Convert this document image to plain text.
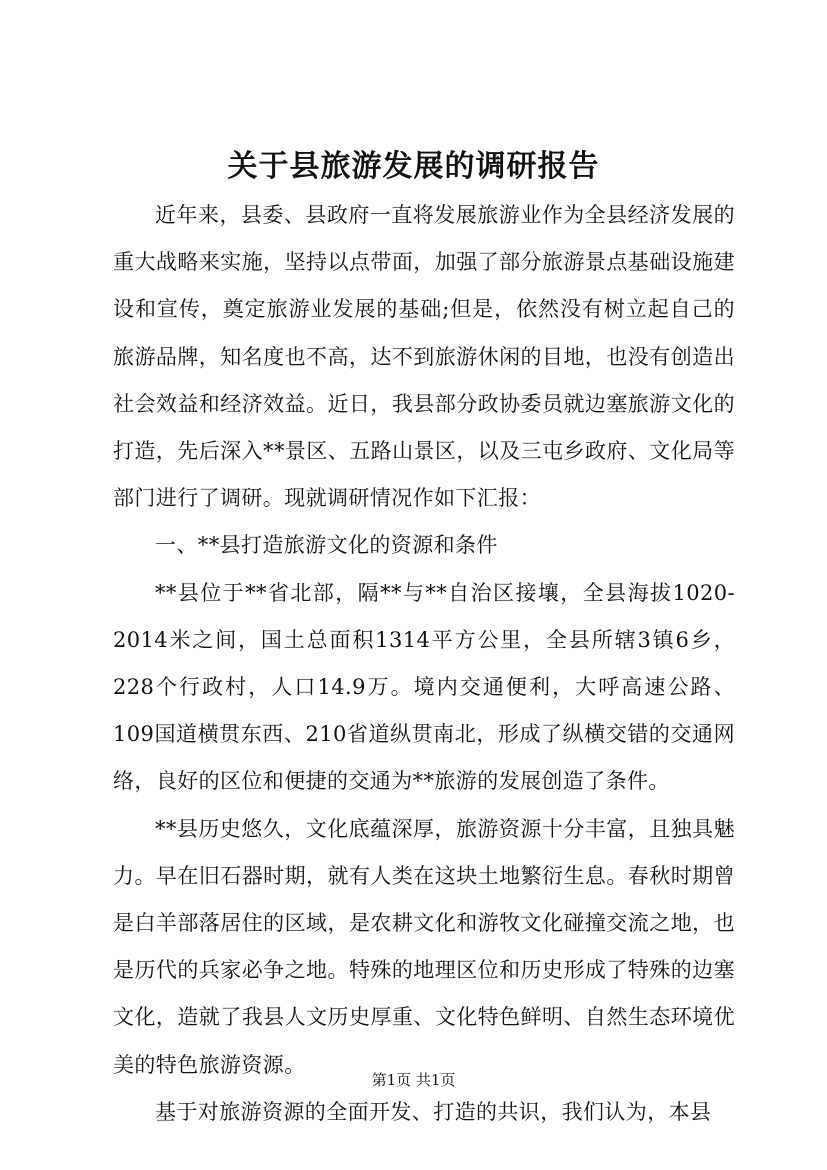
关于县旅游发展的调研报告

近年来，县委、县政府一直将发展旅游业作为全县经济发展的重大战略来实施，坚持以点带面，加强了部分旅游景点基础设施建设和宣传，奠定旅游业发展的基础;但是，依然没有树立起自己的旅游品牌，知名度也不高，达不到旅游休闲的目地，也没有创造出社会效益和经济效益。近日，我县部分政协委员就边塞旅游文化的打造，先后深入**景区、五路山景区，以及三屯乡政府、文化局等部门进行了调研。现就调研情况作如下汇报：

一、**县打造旅游文化的资源和条件

**县位于**省北部，隔**与**自治区接壤，全县海拔1020-2014米之间，国土总面积1314平方公里，全县所辖3镇6乡，228个行政村，人口14.9万。境内交通便利，大呼高速公路、109国道横贯东西、210省道纵贯南北，形成了纵横交错的交通网络，良好的区位和便捷的交通为**旅游的发展创造了条件。

**县历史悠久，文化底蕴深厚，旅游资源十分丰富，且独具魅力。早在旧石器时期，就有人类在这块土地繁衍生息。春秋时期曾是白羊部落居住的区域，是农耕文化和游牧文化碰撞交流之地，也是历代的兵家必争之地。特殊的地理区位和历史形成了特殊的边塞文化，造就了我县人文历史厚重、文化特色鲜明、自然生态环境优美的特色旅游资源。

基于对旅游资源的全面开发、打造的共识，我们认为，本县

第1页 共1页
